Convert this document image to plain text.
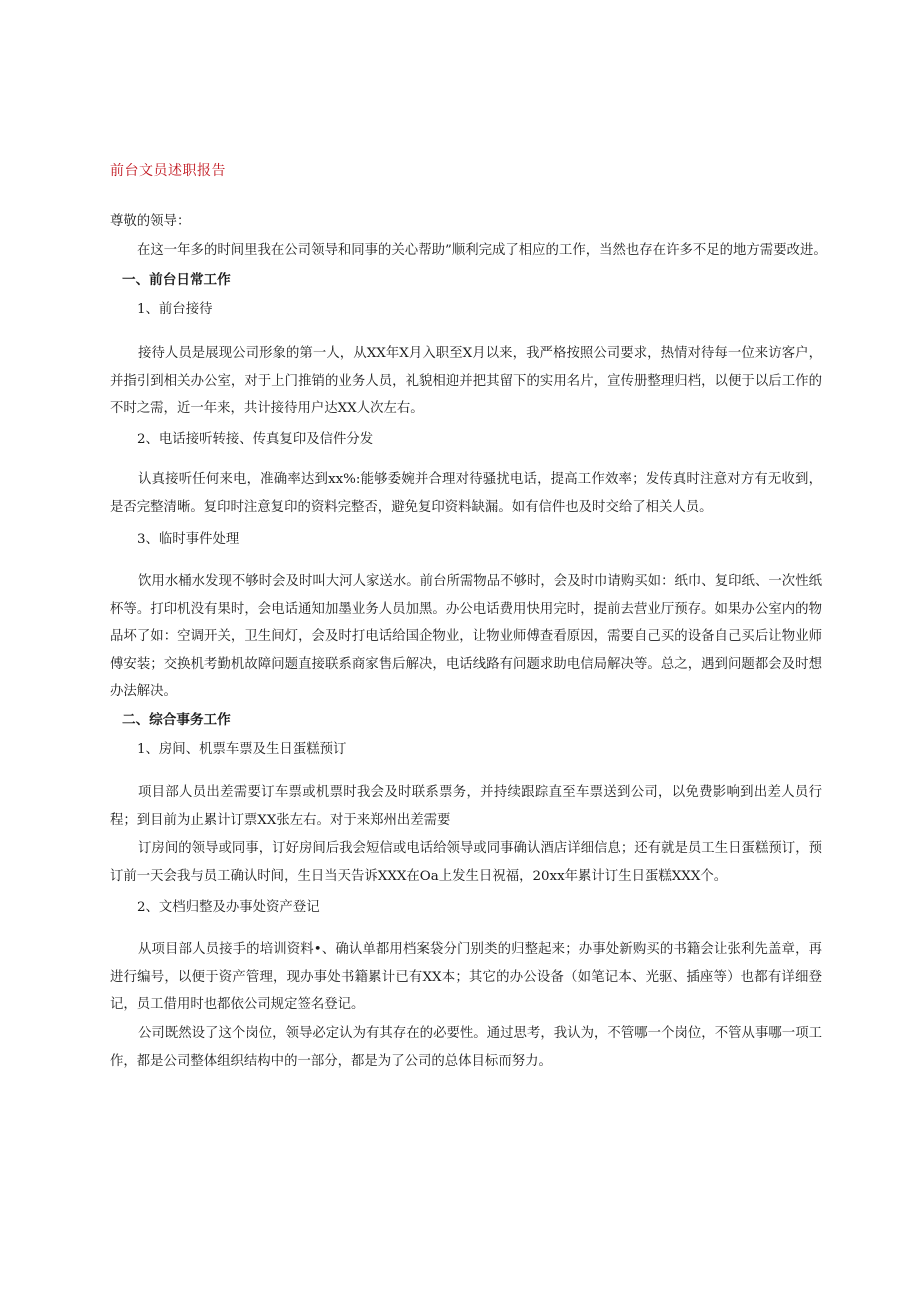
前台文员述职报告
尊敬的领导：
在这一年多的时间里我在公司领导和同事的关心帮助”顺利完成了相应的工作，当然也存在许多不足的地方需要改进。
一、前台日常工作
1、前台接待
接待人员是展现公司形象的第一人，从XX年X月入职至X月以来，我严格按照公司要求，热情对待每一位来访客户，并指引到相关办公室，对于上门推销的业务人员，礼貌相迎并把其留下的实用名片，宣传册整理归档，以便于以后工作的不时之需，近一年来，共计接待用户达XX人次左右。
2、电话接听转接、传真复印及信件分发
认真接听任何来电，准确率达到xx%:能够委婉并合理对待骚扰电话，提高工作效率；发传真时注意对方有无收到，是否完整清晰。复印时注意复印的资料完整否，避免复印资料缺漏。如有信件也及时交给了相关人员。
3、临时事件处理
饮用水桶水发现不够时会及时叫大河人家送水。前台所需物品不够时，会及时巾请购买如：纸巾、复印纸、一次性纸杯等。打印机没有果时，会电话通知加墨业务人员加黑。办公电话费用快用完时，提前去营业厅预存。如果办公室内的物品坏了如：空调开关，卫生间灯，会及时打电话给国企物业，让物业师傅查看原因，需要自己买的设备自己买后让物业师傅安装；交换机考勤机故障问题直接联系商家售后解决，电话线路有问题求助电信局解决等。总之，遇到问题都会及时想办法解决。
二、综合事务工作
1、房间、机票车票及生日蛋糕预订
项目部人员出差需要订车票或机票时我会及时联系票务，并持续跟踪直至车票送到公司，以免费影响到出差人员行程；到目前为止累计订票XX张左右。对于来郑州出差需要
订房间的领导或同事，订好房间后我会短信或电话给领导或同事确认酒店详细信息；还有就是员工生日蛋糕预订，预订前一天会我与员工确认时间，生日当天告诉XXX在Oa上发生日祝福，20xx年累计订生日蛋糕XXX个。
2、文档归整及办事处资产登记
从项目部人员接手的培训资料•、确认单都用档案袋分门别类的归整起来；办事处新购买的书籍会让张利先盖章，再进行编号，以便于资产管理，现办事处书籍累计已有XX本；其它的办公设备（如笔记本、光驱、插座等）也都有详细登记，员工借用时也都依公司规定签名登记。
公司既然设了这个岗位，领导必定认为有其存在的必要性。通过思考，我认为，不管哪一个岗位，不管从事哪一项工作，都是公司整体组织结构中的一部分，都是为了公司的总体目标而努力。
